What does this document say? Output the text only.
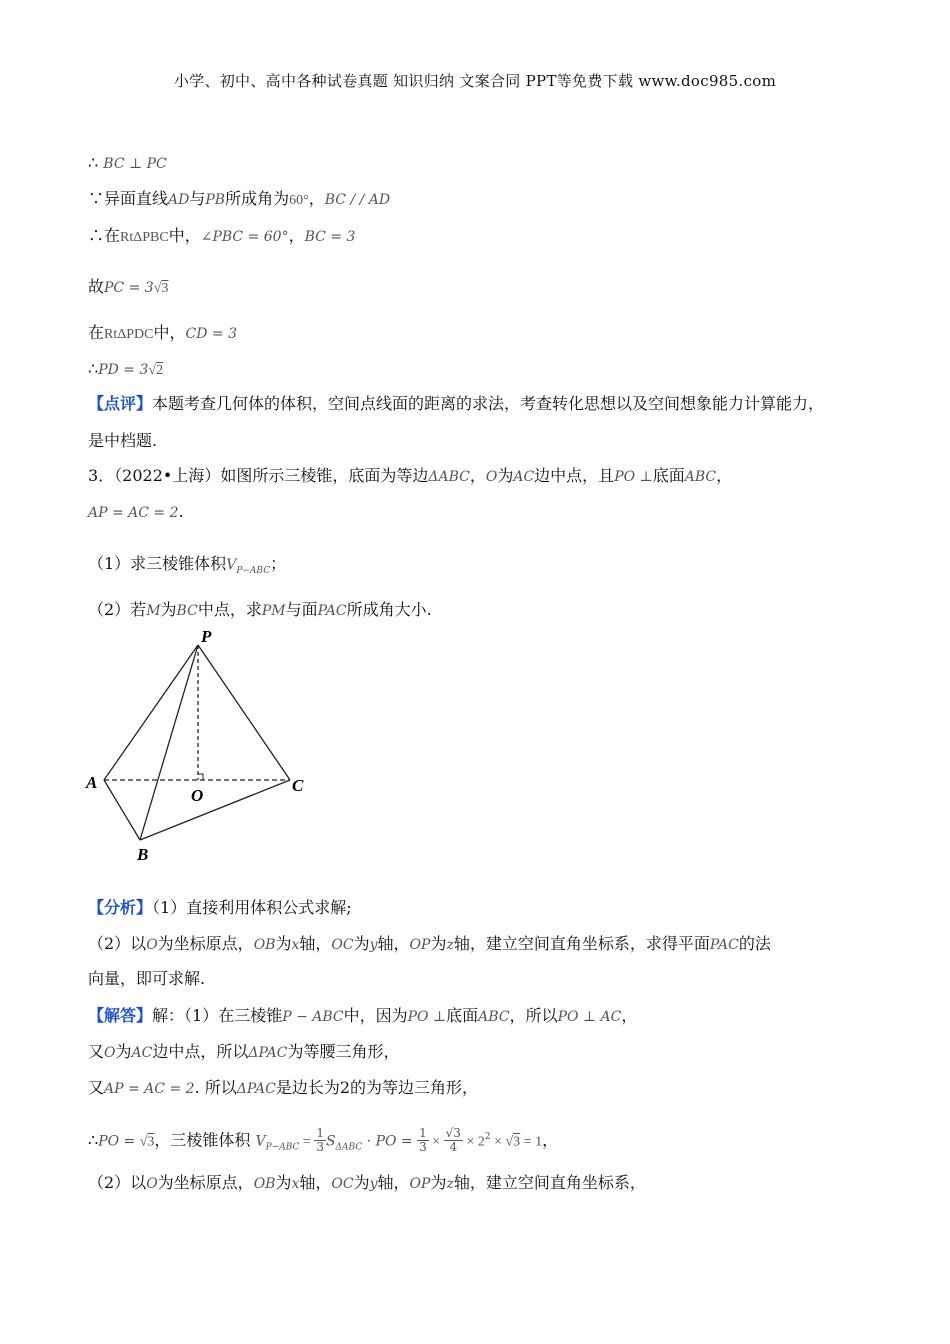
小学、初中、高中各种试卷真题 知识归纳 文案合同 PPT等免费下载 www.doc985.com
∴ BC ⊥ PC
∵异面直线AD与PB所成角为60°，BC / / AD
∴在RtΔPBC中，∠PBC = 60°，BC = 3
故PC = 3√3
在RtΔPDC中，CD = 3
∴PD = 3√2
【点评】本题考查几何体的体积，空间点线面的距离的求法，考查转化思想以及空间想象能力计算能力，
是中档题.
3．（2022•上海）如图所示三棱锥，底面为等边ΔABC，O为AC边中点，且PO ⊥底面ABC，
AP = AC = 2.
（1）求三棱锥体积$V_{P-ABC}$；
（2）若M为BC中点，求PM与面PAC所成角大小.
P
A
O
C
B
【分析】（1）直接利用体积公式求解;
（2）以O为坐标原点，OB为x轴，OC为y轴，OP为z轴，建立空间直角坐标系，求得平面PAC的法
向量，即可求解.
【解答】解：（1）在三棱锥P − ABC中，因为PO ⊥底面ABC，所以PO ⊥ AC，
又O为AC边中点，所以ΔPAC为等腰三角形，
又AP = AC = 2. 所以ΔPAC是边长为2的为等边三角形，
∴PO = √3，三棱锥体积 $V_{P-ABC} = \frac{1}{3} S_{\Delta ABC}$ · PO = $\frac{1}{3} \times \frac{√3}{4} \times 2^2 \times √3 = 1$，
（2）以O为坐标原点，OB为x轴，OC为y轴，OP为z轴，建立空间直角坐标系，
